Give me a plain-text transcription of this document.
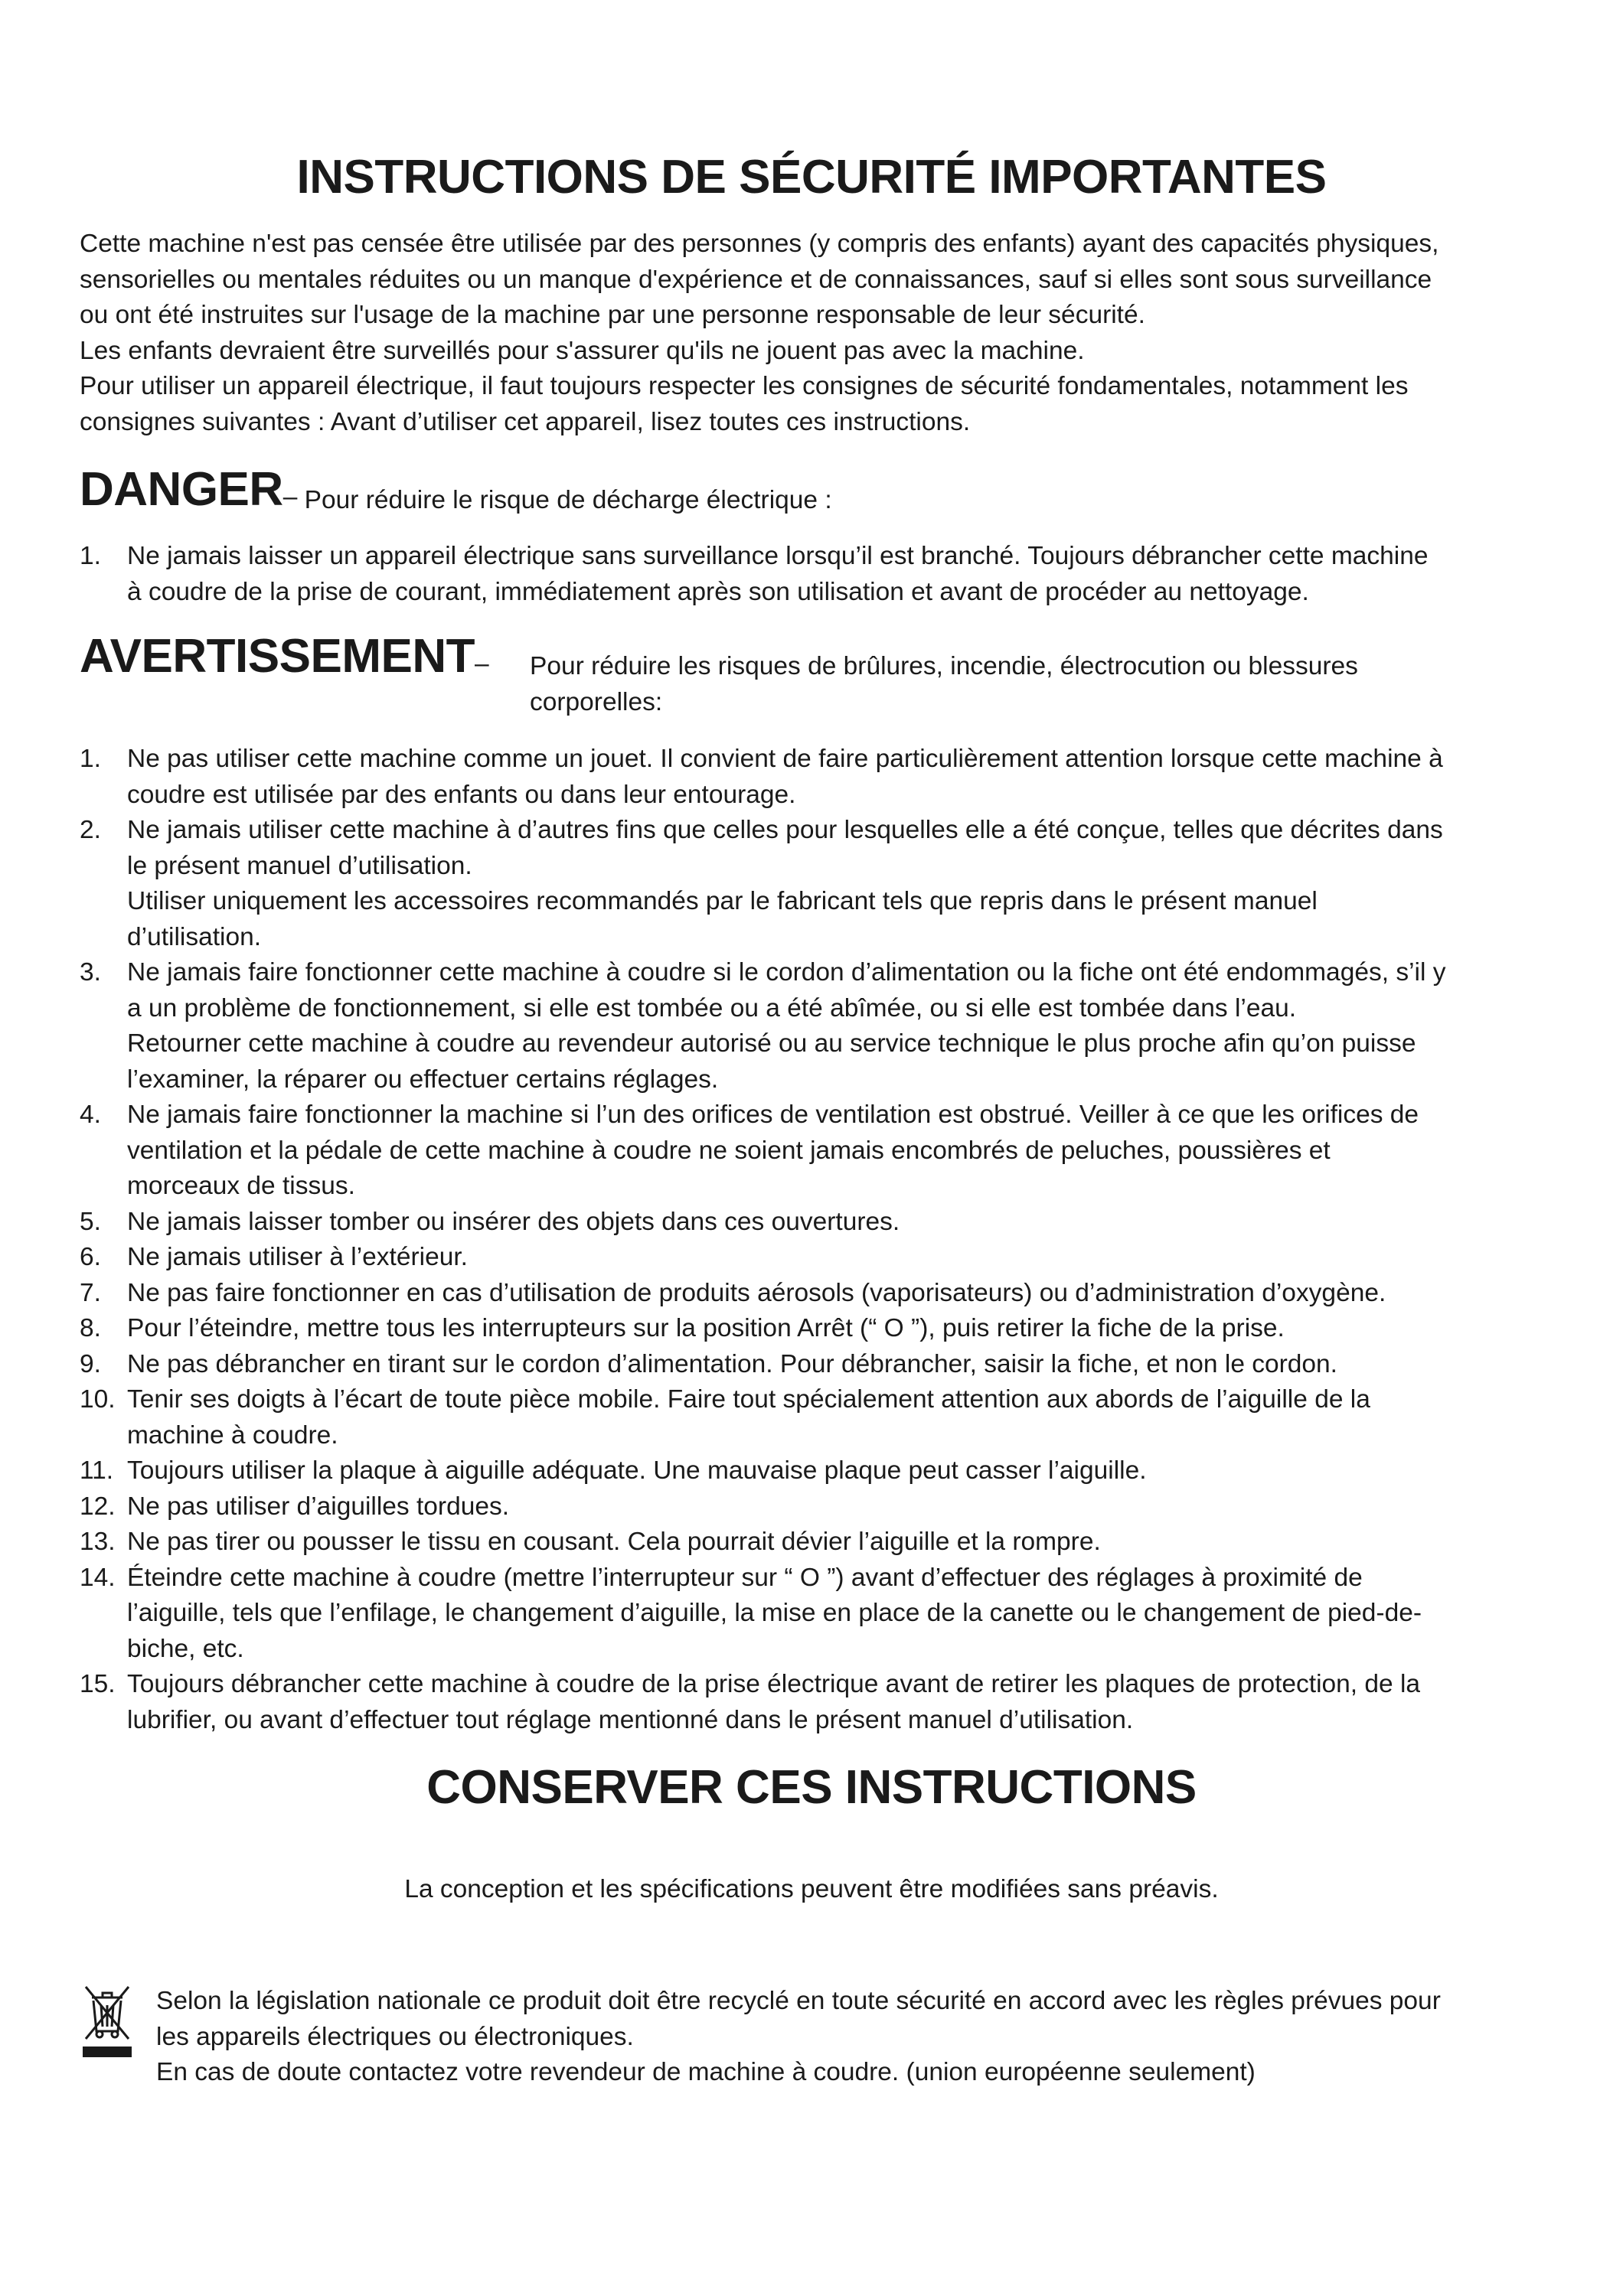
INSTRUCTIONS DE SÉCURITÉ IMPORTANTES

Cette machine n'est pas censée être utilisée par des personnes (y compris des enfants) ayant des capacités physiques,

sensorielles ou mentales réduites ou un manque d'expérience et de connaissances, sauf si elles sont sous surveillance

ou ont été instruites sur l'usage de la machine par une personne responsable de leur sécurité.

Les enfants devraient être surveillés pour s'assurer qu'ils ne jouent pas avec la machine.

Pour utiliser un appareil électrique, il faut toujours respecter les consignes de sécurité fondamentales, notamment les

consignes suivantes : Avant d’utiliser cet appareil, lisez toutes ces instructions.

DANGER– Pour réduire le risque de décharge électrique :
1. Ne jamais laisser un appareil électrique sans surveillance lorsqu’il est branché. Toujours débrancher cette machine
à coudre de la prise de courant, immédiatement après son utilisation et avant de procéder au nettoyage.
AVERTISSEMENT–	Pour réduire les risques de brûlures, incendie, électrocution ou blessures
corporelles:
1. Ne pas utiliser cette machine comme un jouet. Il convient de faire particulièrement attention lorsque cette machine à
coudre est utilisée par des enfants ou dans leur entourage.
2. Ne jamais utiliser cette machine à d’autres fins que celles pour lesquelles elle a été conçue, telles que décrites dans
le présent manuel d’utilisation.
Utiliser uniquement les accessoires recommandés par le fabricant tels que repris dans le présent manuel
d’utilisation.
3. Ne jamais faire fonctionner cette machine à coudre si le cordon d’alimentation ou la fiche ont été endommagés, s’il y
a un problème de fonctionnement, si elle est tombée ou a été abîmée, ou si elle est tombée dans l’eau.
Retourner cette machine à coudre au revendeur autorisé ou au service technique le plus proche afin qu’on puisse
l’examiner, la réparer ou effectuer certains réglages.
4. Ne jamais faire fonctionner la machine si l’un des orifices de ventilation est obstrué. Veiller à ce que les orifices de
ventilation et la pédale de cette machine à coudre ne soient jamais encombrés de peluches, poussières et
morceaux de tissus.
5. Ne jamais laisser tomber ou insérer des objets dans ces ouvertures.
6. Ne jamais utiliser à l’extérieur.
7. Ne pas faire fonctionner en cas d’utilisation de produits aérosols (vaporisateurs) ou d’administration d’oxygène.
8. Pour l’éteindre, mettre tous les interrupteurs sur la position Arrêt (“ O ”), puis retirer la fiche de la prise.
9. Ne pas débrancher en tirant sur le cordon d’alimentation. Pour débrancher, saisir la fiche, et non le cordon.
10. Tenir ses doigts à l’écart de toute pièce mobile. Faire tout spécialement attention aux abords de l’aiguille de la
machine à coudre.
11. Toujours utiliser la plaque à aiguille adéquate. Une mauvaise plaque peut casser l’aiguille.
12. Ne pas utiliser d’aiguilles tordues.
13. Ne pas tirer ou pousser le tissu en cousant. Cela pourrait dévier l’aiguille et la rompre.
14. Éteindre cette machine à coudre (mettre l’interrupteur sur “ O ”) avant d’effectuer des réglages à proximité de
l’aiguille, tels que l’enfilage, le changement d’aiguille, la mise en place de la canette ou le changement de pied-de-
biche, etc.
15. Toujours débrancher cette machine à coudre de la prise électrique avant de retirer les plaques de protection, de la
lubrifier, ou avant d’effectuer tout réglage mentionné dans le présent manuel d’utilisation.
CONSERVER CES INSTRUCTIONS

La conception et les spécifications peuvent être modifiées sans préavis.

Selon la législation nationale ce produit doit être recyclé en toute sécurité en accord avec les règles prévues pour

les appareils électriques ou électroniques.

En cas de doute contactez votre revendeur de machine à coudre. (union européenne seulement)
